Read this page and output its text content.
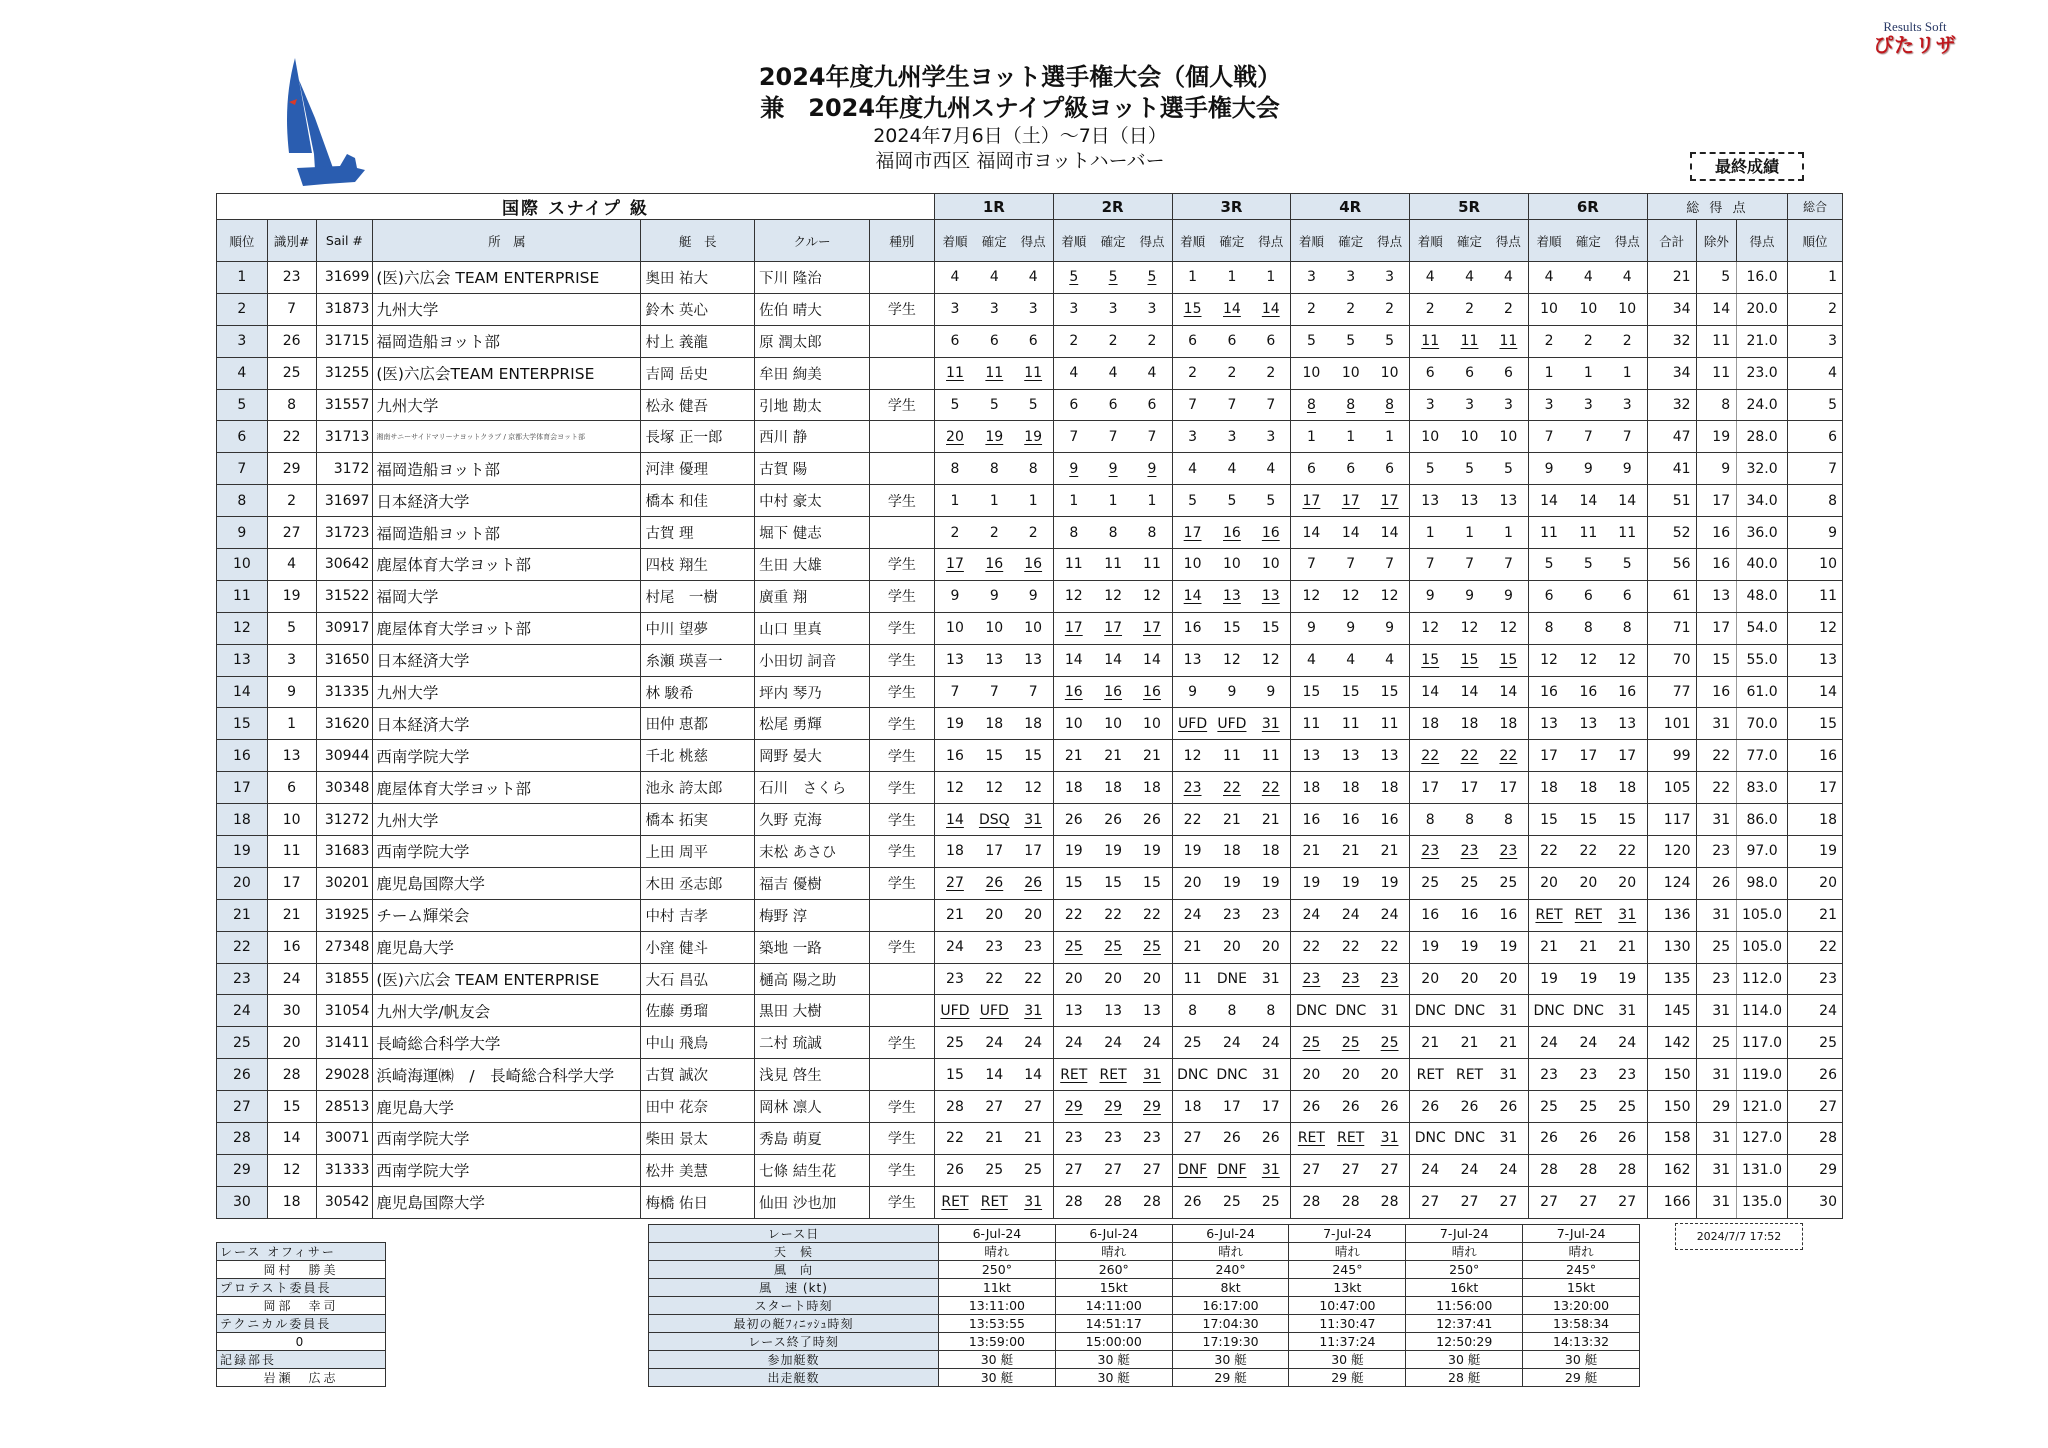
Results Soft
ぴたリザ
2024年度九州学生ヨット選手権大会（個人戦）
兼　2024年度九州スナイプ級ヨット選手権大会
2024年7月6日（土）～7日（日）
福岡市西区 福岡市ヨットハーバー	最終成績
国際 スナイプ 級							1R			2R			3R			4R			5R			6R			総 得 点			総合
順位	識別#	Sail #	所　属	艇　長	クルー	種別	着順	確定	得点	着順	確定	得点	着順	確定	得点	着順	確定	得点	着順	確定	得点	着順	確定	得点	合計	除外	得点	順位
1	23	31699	(医)六広会 TEAM ENTERPRISE	奥田 祐大	下川 隆治		4	4	4	5	5	5	1	1	1	3	3	3	4	4	4	4	4	4	21	5	16.0	1
2	7	31873	九州大学	鈴木 英心	佐伯 晴大	学生	3	3	3	3	3	3	15	14	14	2	2	2	2	2	2	10	10	10	34	14	20.0	2
3	26	31715	福岡造船ヨット部	村上 義龍	原 潤太郎		6	6	6	2	2	2	6	6	6	5	5	5	11	11	11	2	2	2	32	11	21.0	3
4	25	31255	(医)六広会TEAM ENTERPRISE	吉岡 岳史	牟田 絢美		11	11	11	4	4	4	2	2	2	10	10	10	6	6	6	1	1	1	34	11	23.0	4
5	8	31557	九州大学	松永 健吾	引地 勘太	学生	5	5	5	6	6	6	7	7	7	8	8	8	3	3	3	3	3	3	32	8	24.0	5
6	22	31713	湘南サニーサイドマリーナヨットクラブ / 京都大学体育会ヨット部	長塚 正一郎	西川 静		20	19	19	7	7	7	3	3	3	1	1	1	10	10	10	7	7	7	47	19	28.0	6
7	29	3172	福岡造船ヨット部	河津 優理	古賀 陽		8	8	8	9	9	9	4	4	4	6	6	6	5	5	5	9	9	9	41	9	32.0	7
8	2	31697	日本経済大学	橋本 和佳	中村 豪太	学生	1	1	1	1	1	1	5	5	5	17	17	17	13	13	13	14	14	14	51	17	34.0	8
9	27	31723	福岡造船ヨット部	古賀 理	堀下 健志		2	2	2	8	8	8	17	16	16	14	14	14	1	1	1	11	11	11	52	16	36.0	9
10	4	30642	鹿屋体育大学ヨット部	四枝 翔生	生田 大雄	学生	17	16	16	11	11	11	10	10	10	7	7	7	7	7	7	5	5	5	56	16	40.0	10
11	19	31522	福岡大学	村尾　一樹	廣重 翔	学生	9	9	9	12	12	12	14	13	13	12	12	12	9	9	9	6	6	6	61	13	48.0	11
12	5	30917	鹿屋体育大学ヨット部	中川 望夢	山口 里真	学生	10	10	10	17	17	17	16	15	15	9	9	9	12	12	12	8	8	8	71	17	54.0	12
13	3	31650	日本経済大学	糸瀬 瑛喜一	小田切 詞音	学生	13	13	13	14	14	14	13	12	12	4	4	4	15	15	15	12	12	12	70	15	55.0	13
14	9	31335	九州大学	林 駿希	坪内 琴乃	学生	7	7	7	16	16	16	9	9	9	15	15	15	14	14	14	16	16	16	77	16	61.0	14
15	1	31620	日本経済大学	田仲 恵都	松尾 勇輝	学生	19	18	18	10	10	10	UFD	UFD	31	11	11	11	18	18	18	13	13	13	101	31	70.0	15
16	13	30944	西南学院大学	千北 桃慈	岡野 晏大	学生	16	15	15	21	21	21	12	11	11	13	13	13	22	22	22	17	17	17	99	22	77.0	16
17	6	30348	鹿屋体育大学ヨット部	池永 誇太郎	石川　さくら	学生	12	12	12	18	18	18	23	22	22	18	18	18	17	17	17	18	18	18	105	22	83.0	17
18	10	31272	九州大学	橋本 拓実	久野 克海	学生	14	DSQ	31	26	26	26	22	21	21	16	16	16	8	8	8	15	15	15	117	31	86.0	18
19	11	31683	西南学院大学	上田 周平	末松 あさひ	学生	18	17	17	19	19	19	19	18	18	21	21	21	23	23	23	22	22	22	120	23	97.0	19
20	17	30201	鹿児島国際大学	木田 丞志郎	福吉 優樹	学生	27	26	26	15	15	15	20	19	19	19	19	19	25	25	25	20	20	20	124	26	98.0	20
21	21	31925	チーム輝栄会	中村 吉孝	梅野 淳		21	20	20	22	22	22	24	23	23	24	24	24	16	16	16	RET	RET	31	136	31	105.0	21
22	16	27348	鹿児島大学	小窪 健斗	築地 一路	学生	24	23	23	25	25	25	21	20	20	22	22	22	19	19	19	21	21	21	130	25	105.0	22
23	24	31855	(医)六広会 TEAM ENTERPRISE	大石 昌弘	樋高 陽之助		23	22	22	20	20	20	11	DNE	31	23	23	23	20	20	20	19	19	19	135	23	112.0	23
24	30	31054	九州大学/帆友会	佐藤 勇瑠	黒田 大樹		UFD	UFD	31	13	13	13	8	8	8	DNC	DNC	31	DNC	DNC	31	DNC	DNC	31	145	31	114.0	24
25	20	31411	長崎総合科学大学	中山 飛鳥	二村 琉誠	学生	25	24	24	24	24	24	25	24	24	25	25	25	21	21	21	24	24	24	142	25	117.0	25
26	28	29028	浜崎海運㈱　/　長崎総合科学大学	古賀 誠次	浅見 啓生		15	14	14	RET	RET	31	DNC	DNC	31	20	20	20	RET	RET	31	23	23	23	150	31	119.0	26
27	15	28513	鹿児島大学	田中 花奈	岡林 凛人	学生	28	27	27	29	29	29	18	17	17	26	26	26	26	26	26	25	25	25	150	29	121.0	27
28	14	30071	西南学院大学	柴田 景太	秀島 萌夏	学生	22	21	21	23	23	23	27	26	26	RET	RET	31	DNC	DNC	31	26	26	26	158	31	127.0	28
29	12	31333	西南学院大学	松井 美慧	七條 結生花	学生	26	25	25	27	27	27	DNF	DNF	31	27	27	27	24	24	24	28	28	28	162	31	131.0	29
30	18	30542	鹿児島国際大学	梅橋 佑日	仙田 沙也加	学生	RET	RET	31	28	28	28	26	25	25	28	28	28	27	27	27	27	27	27	166	31	135.0	30
レース オフィサー
岡村　勝美
プロテスト委員長
岡部　幸司
テクニカル委員長
0
記録部長
岩瀬　広志
レース日	6-Jul-24	6-Jul-24	6-Jul-24	7-Jul-24	7-Jul-24	7-Jul-24
天　候	晴れ	晴れ	晴れ	晴れ	晴れ	晴れ
風　向	250°	260°	240°	245°	250°	245°
風　速 (kt)	11kt	15kt	8kt	13kt	16kt	15kt
スタート時刻	13:11:00	14:11:00	16:17:00	10:47:00	11:56:00	13:20:00
最初の艇ﾌｨﾆｯｼｭ時刻	13:53:55	14:51:17	17:04:30	11:30:47	12:37:41	13:58:34
レース終了時刻	13:59:00	15:00:00	17:19:30	11:37:24	12:50:29	14:13:32
参加艇数	30 艇	30 艇	30 艇	30 艇	30 艇	30 艇
出走艇数	30 艇	30 艇	29 艇	29 艇	28 艇	29 艇
2024/7/7 17:52
